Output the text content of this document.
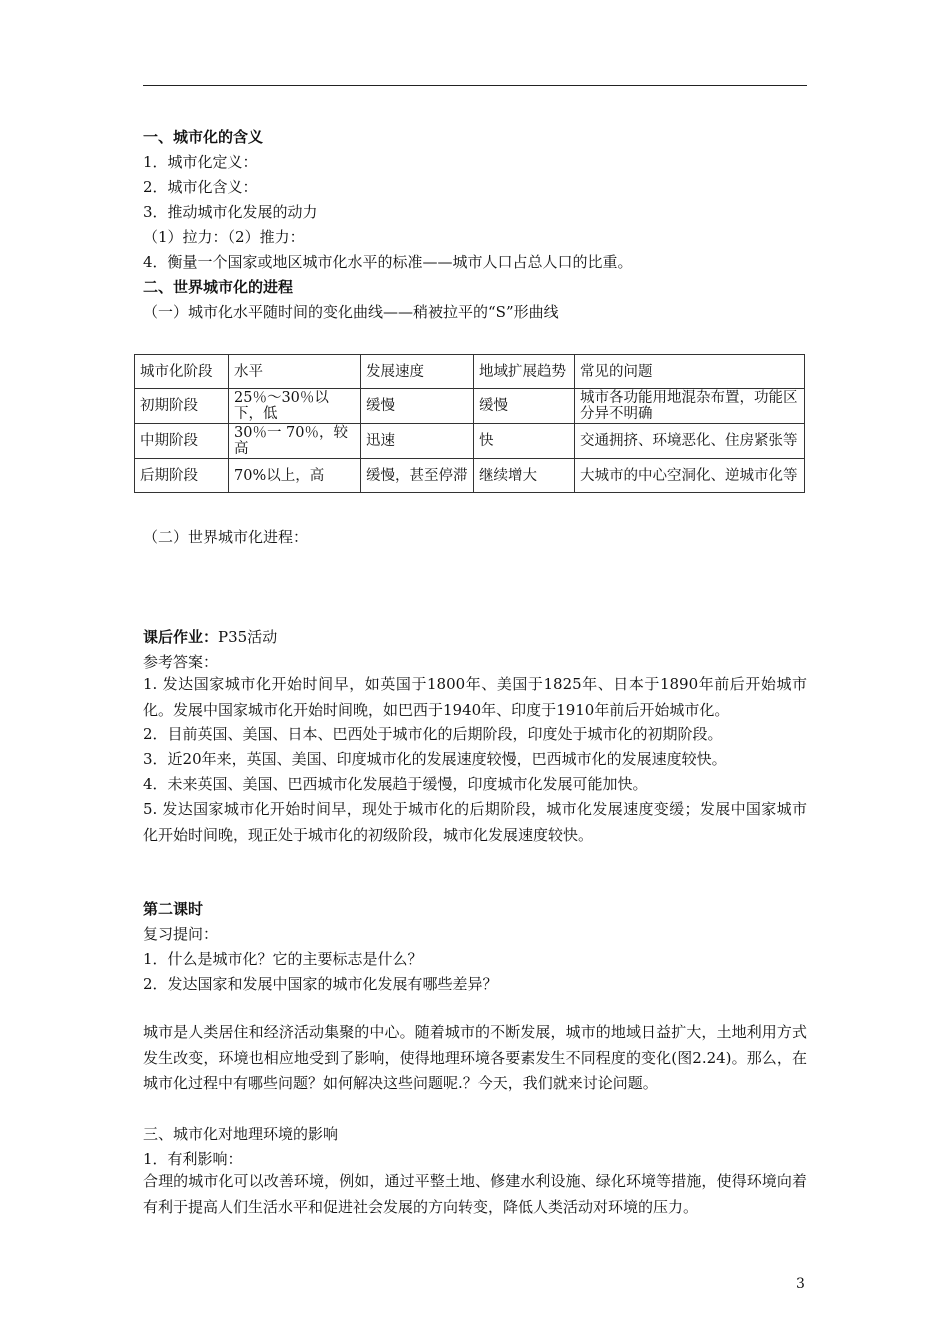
一、城市化的含义
1．城市化定义：
2．城市化含义：
3．推动城市化发展的动力
（1）拉力：（2）推力：
4．衡量一个国家或地区城市化水平的标准——城市人口占总人口的比重。
二、世界城市化的进程
（一）城市化水平随时间的变化曲线——稍被拉平的“S”形曲线
城市化阶段	水平	发展速度	地域扩展趋势	常见的问题
初期阶段	25％～30％以下，低	缓慢	缓慢	城市各功能用地混杂布置，功能区分异不明确
中期阶段	30％一 70％，较高	迅速	快	交通拥挤、环境恶化、住房紧张等
后期阶段	70%以上，高	缓慢，甚至停滞	继续增大	大城市的中心空洞化、逆城市化等
（二）世界城市化进程：
课后作业：P35活动
参考答案：
1. 发达国家城市化开始时间早，如英国于1800年、美国于1825年、日本于1890年前后开始城市化。发展中国家城市化开始时间晚，如巴西于1940年、印度于1910年前后开始城市化。
2．目前英国、美国、日本、巴西处于城市化的后期阶段，印度处于城市化的初期阶段。
3．近20年来，英国、美国、印度城市化的发展速度较慢，巴西城市化的发展速度较快。
4．未来英国、美国、巴西城市化发展趋于缓慢，印度城市化发展可能加快。
5. 发达国家城市化开始时间早，现处于城市化的后期阶段，城市化发展速度变缓；发展中国家城市化开始时间晚，现正处于城市化的初级阶段，城市化发展速度较快。
第二课时
复习提问：
1．什么是城市化？它的主要标志是什么？
2．发达国家和发展中国家的城市化发展有哪些差异？
城市是人类居住和经济活动集聚的中心。随着城市的不断发展，城市的地域日益扩大，土地利用方式发生改变，环境也相应地受到了影响，使得地理环境各要素发生不同程度的变化(图2.24)。那么，在城市化过程中有哪些问题？如何解决这些问题呢.？今天，我们就来讨论问题。
三、城市化对地理环境的影响
1．有利影响：
合理的城市化可以改善环境，例如，通过平整土地、修建水利设施、绿化环境等措施，使得环境向着有利于提高人们生活水平和促进社会发展的方向转变，降低人类活动对环境的压力。
3
